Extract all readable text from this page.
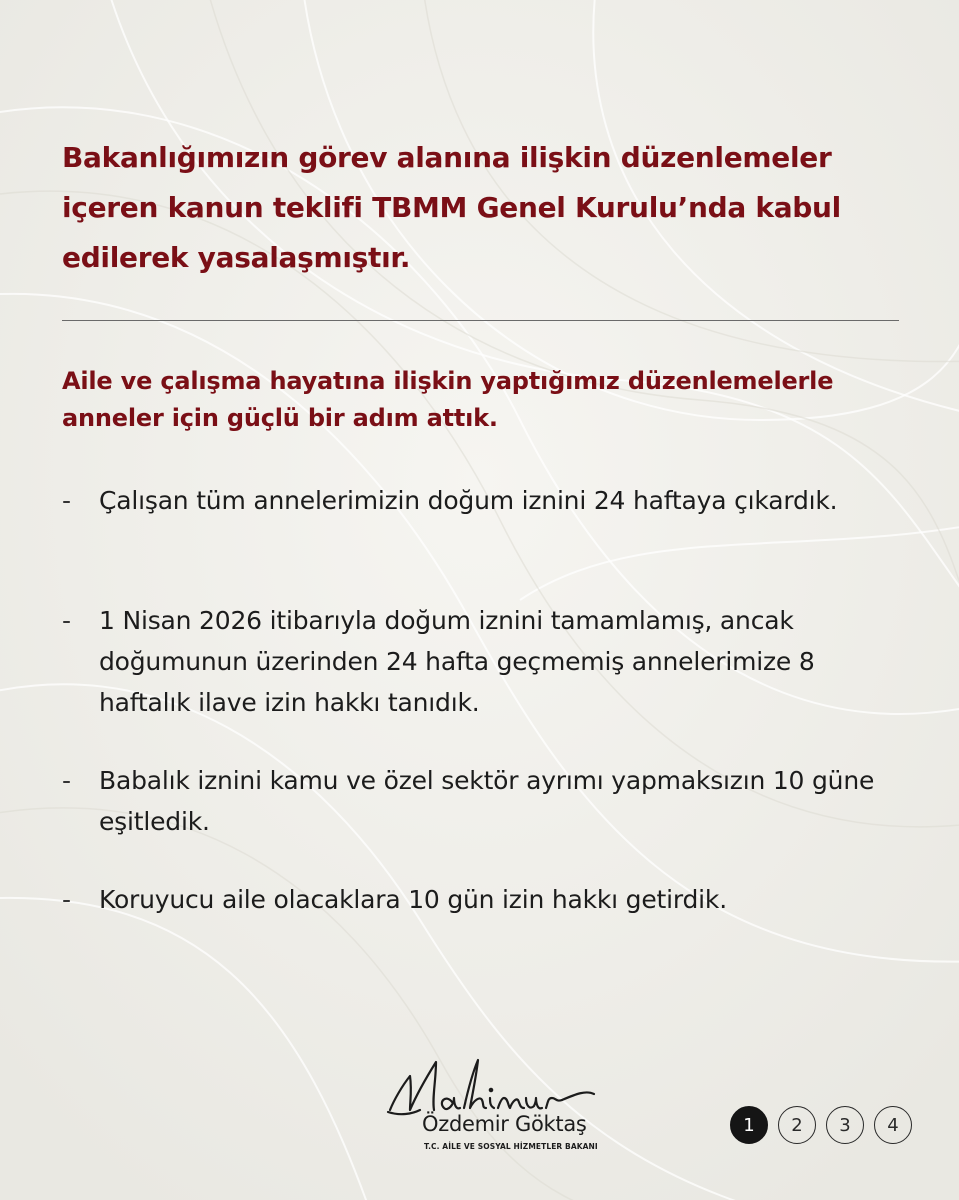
Bakanlığımızın görev alanına ilişkin düzenlemeler içeren kanun teklifi TBMM Genel Kurulu’nda kabul edilerek yasalaşmıştır.

Aile ve çalışma hayatına ilişkin yaptığımız düzenlemelerle anneler için güçlü bir adım attık.

-	Çalışan tüm annelerimizin doğum iznini 24 haftaya çıkardık.
-	1 Nisan 2026 itibarıyla doğum iznini tamamlamış, ancak doğumunun üzerinden 24 hafta geçmemiş annelerimize 8 haftalık ilave izin hakkı tanıdık.
-	Babalık iznini kamu ve özel sektör ayrımı yapmaksızın 10 güne eşitledik.
-	Koruyucu aile olacaklara 10 gün izin hakkı getirdik.
Özdemir Göktaş
T.C. AİLE VE SOSYAL HİZMETLER BAKANI
1	2	3	4
